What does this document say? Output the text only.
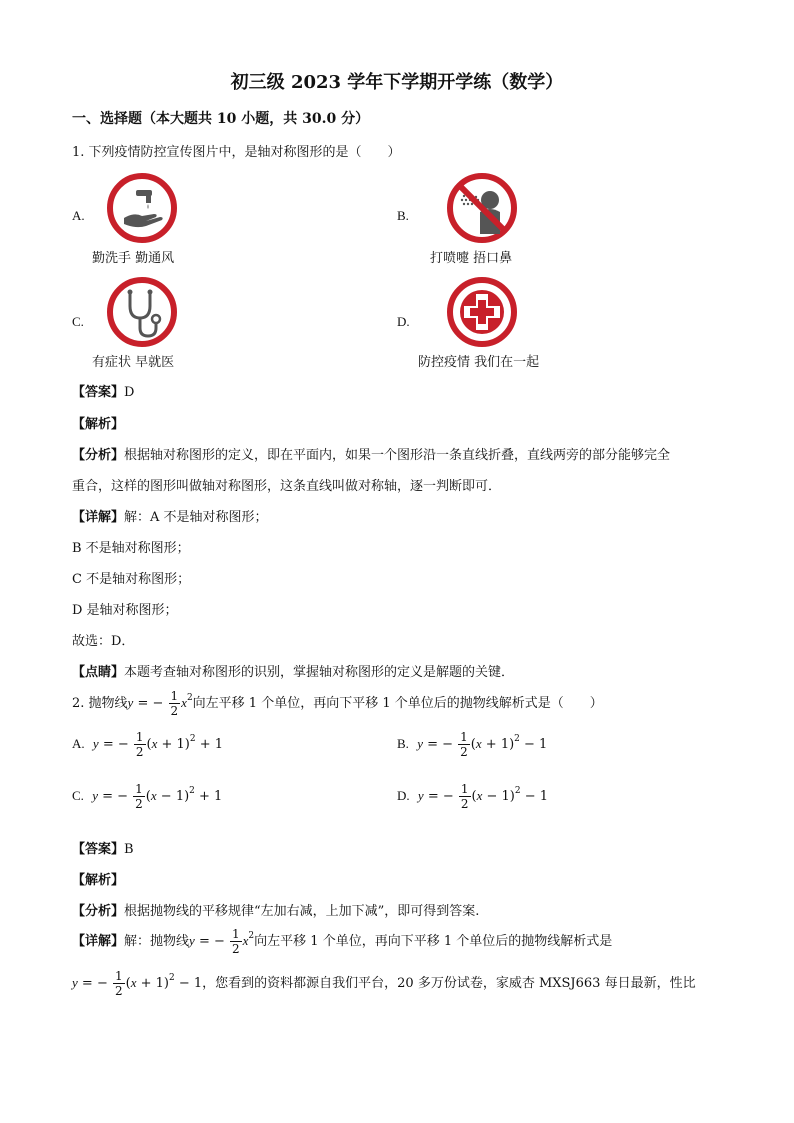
初三级 2023 学年下学期开学练（数学）
一、选择题（本大题共 10 小题，共 30.0 分）
1. 下列疫情防控宣传图片中，是轴对称图形的是（　　）
A.
勤洗手 勤通风
B.
打喷嚏 捂口鼻
C.
有症状 早就医
D.
防控疫情 我们在一起
【答案】D
【解析】
【分析】根据轴对称图形的定义，即在平面内，如果一个图形沿一条直线折叠，直线两旁的部分能够完全
重合，这样的图形叫做轴对称图形，这条直线叫做对称轴，逐一判断即可．
【详解】解：A 不是轴对称图形；
B 不是轴对称图形；
C 不是轴对称图形；
D 是轴对称图形；
故选：D．
【点睛】本题考查轴对称图形的识别，掌握轴对称图形的定义是解题的关键．
2. 抛物线y = − $\frac{1}{2} x^2$向左平移 1 个单位，再向下平移 1 个单位后的抛物线解析式是（　　）
A. y = − $\frac{1}{2} (x + 1)^2 + 1$	B. y = − $\frac{1}{2} (x + 1)^2 - 1$
C. y = − $\frac{1}{2} (x - 1)^2 + 1$	D. y = − $\frac{1}{2} (x - 1)^2 - 1$
【答案】B
【解析】
【分析】根据抛物线的平移规律“左加右减，上加下减”，即可得到答案.
【详解】解：抛物线y = − $\frac{1}{2} x^2$向左平移 1 个单位，再向下平移 1 个单位后的抛物线解析式是
y = − $\frac{1}{2} (x + 1)^2 - 1$，您看到的资料都源自我们平台，20 多万份试卷，家威杏 MXSJ663 每日最新，性比
